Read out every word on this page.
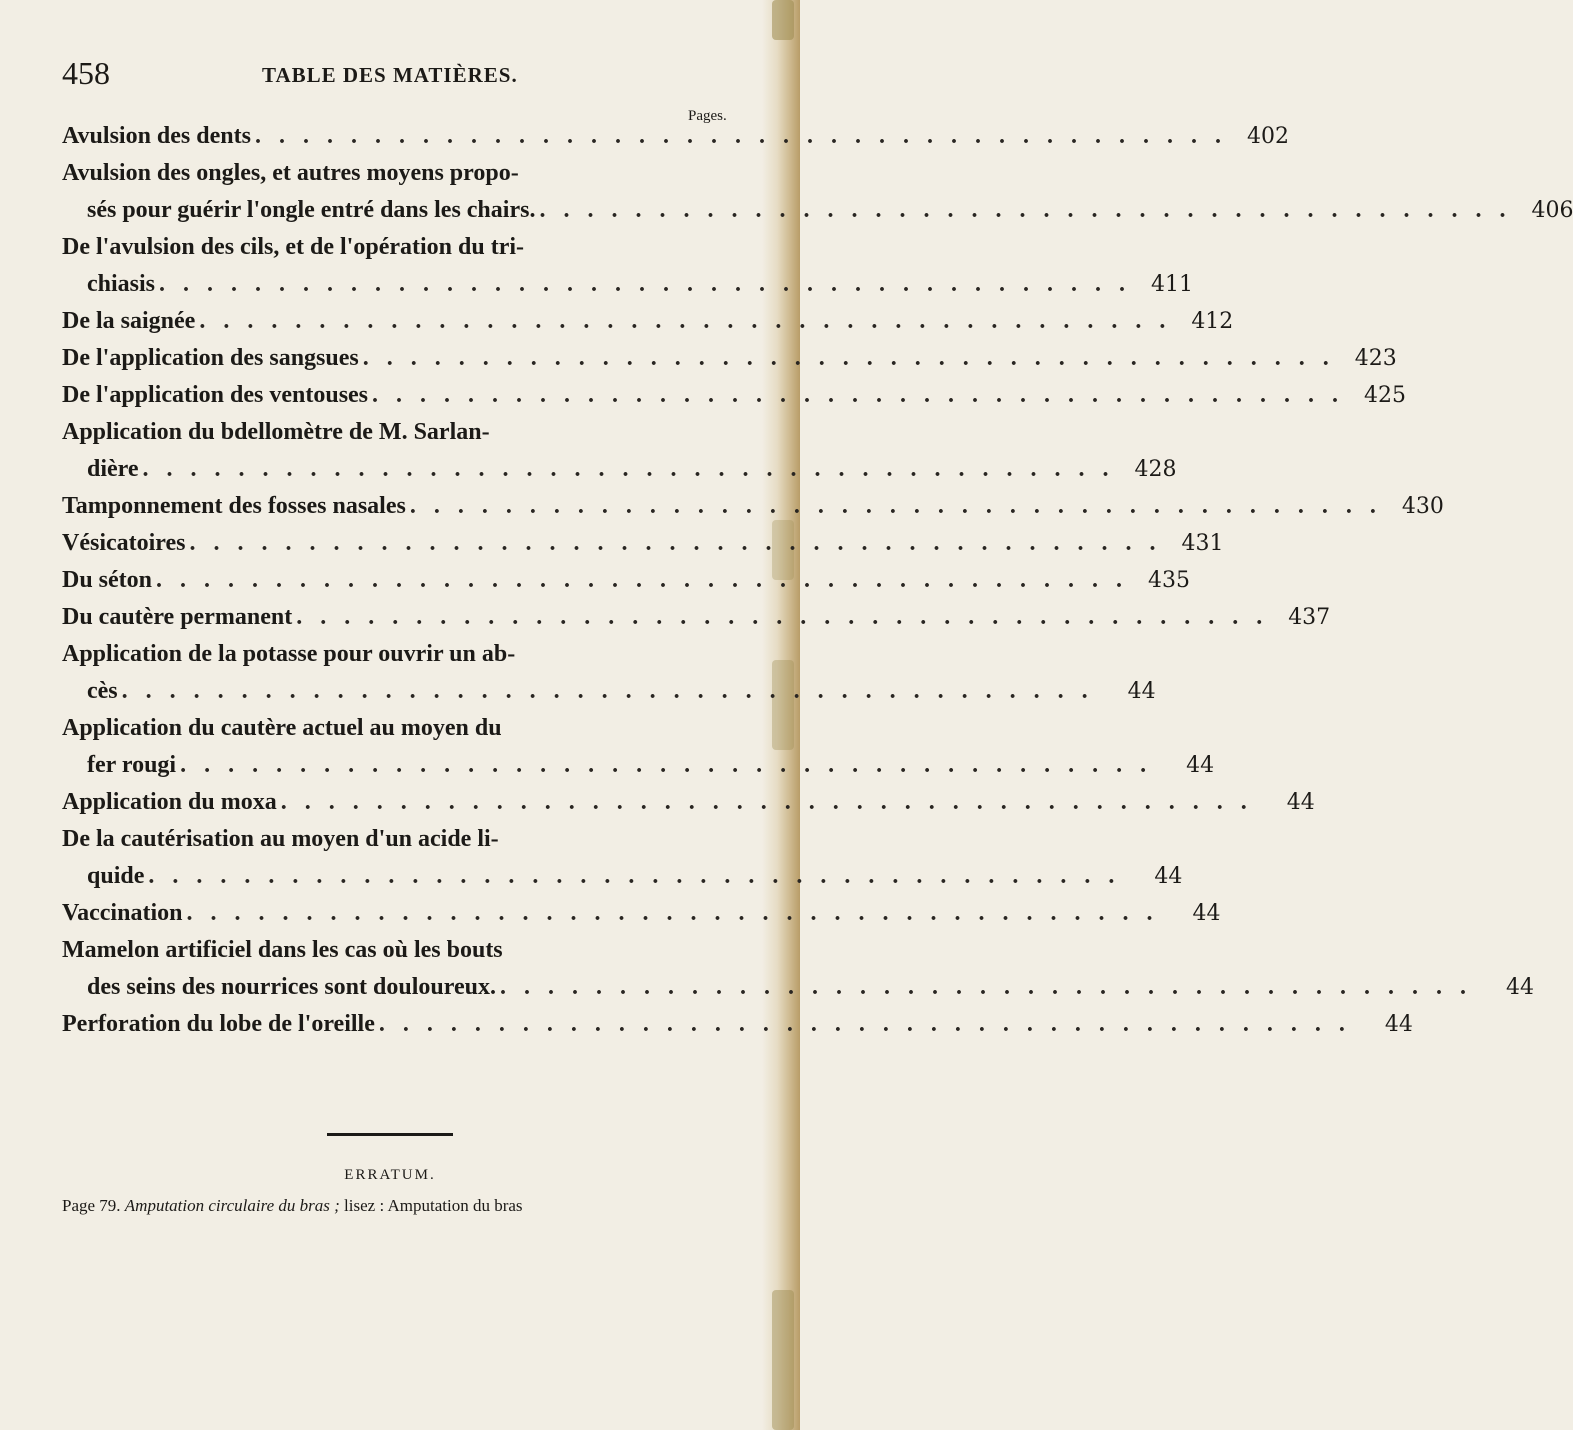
458	TABLE DES MATIÈRES.
Pages.
Avulsion des dents . . . . . . . . . . . . . . . . . . . . . . . . . . . . . . . . . . . . . . . . . 402
Avulsion des ongles, et autres moyens propo-
sés pour guérir l'ongle entré dans les chairs. . . . . . . . . . . . . . . . . . . . . . . . . . . . . . . . . . . . . . . . . . 406
De l'avulsion des cils, et de l'opération du tri-
chiasis . . . . . . . . . . . . . . . . . . . . . . . . . . . . . . . . . . . . . . . . . 411
De la saignée . . . . . . . . . . . . . . . . . . . . . . . . . . . . . . . . . . . . . . . . . 412
De l'application des sangsues . . . . . . . . . . . . . . . . . . . . . . . . . . . . . . . . . . . . . . . . . 423
De l'application des ventouses . . . . . . . . . . . . . . . . . . . . . . . . . . . . . . . . . . . . . . . . . 425
Application du bdellomètre de M. Sarlan-
dière . . . . . . . . . . . . . . . . . . . . . . . . . . . . . . . . . . . . . . . . . 428
Tamponnement des fosses nasales . . . . . . . . . . . . . . . . . . . . . . . . . . . . . . . . . . . . . . . . . 430
Vésicatoires . . . . . . . . . . . . . . . . . . . . . . . . . . . . . . . . . . . . . . . . . 431
Du séton . . . . . . . . . . . . . . . . . . . . . . . . . . . . . . . . . . . . . . . . . 435
Du cautère permanent . . . . . . . . . . . . . . . . . . . . . . . . . . . . . . . . . . . . . . . . . 437
Application de la potasse pour ouvrir un ab-
cès . . . . . . . . . . . . . . . . . . . . . . . . . . . . . . . . . . . . . . . . .	44
Application du cautère actuel au moyen du
fer rougi . . . . . . . . . . . . . . . . . . . . . . . . . . . . . . . . . . . . . . . . .	44
Application du moxa . . . . . . . . . . . . . . . . . . . . . . . . . . . . . . . . . . . . . . . . .	44
De la cautérisation au moyen d'un acide li-
quide . . . . . . . . . . . . . . . . . . . . . . . . . . . . . . . . . . . . . . . . .	44
Vaccination . . . . . . . . . . . . . . . . . . . . . . . . . . . . . . . . . . . . . . . . .	44
Mamelon artificiel dans les cas où les bouts
des seins des nourrices sont douloureux. . . . . . . . . . . . . . . . . . . . . . . . . . . . . . . . . . . . . . . . . .	44
Perforation du lobe de l'oreille . . . . . . . . . . . . . . . . . . . . . . . . . . . . . . . . . . . . . . . . .	44
ERRATUM.
Page 79. Amputation circulaire du bras ; lisez : Amputation du bras
